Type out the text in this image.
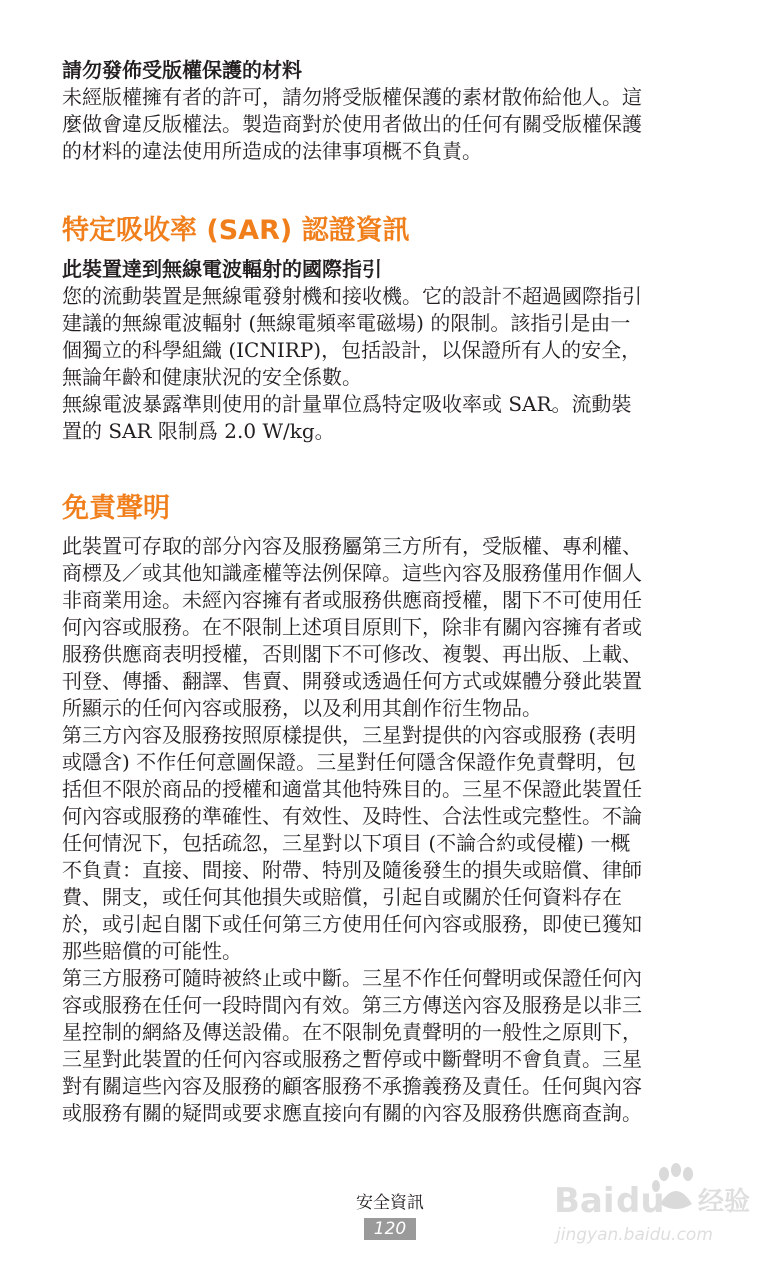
請勿發佈受版權保護的材料

未經版權擁有者的許可，請勿將受版權保護的素材散佈給他人。這
麼做會違反版權法。製造商對於使用者做出的任何有關受版權保護
的材料的違法使用所造成的法律事項概不負責。

特定吸收率 (SAR) 認證資訊
此裝置達到無線電波輻射的國際指引

您的流動裝置是無線電發射機和接收機。它的設計不超過國際指引
建議的無線電波輻射 (無線電頻率電磁場) 的限制。該指引是由一
個獨立的科學組織 (ICNIRP)，包括設計，以保證所有人的安全，
無論年齡和健康狀況的安全係數。

無線電波暴露準則使用的計量單位爲特定吸收率或 SAR。流動裝
置的 SAR 限制爲 2.0 W/kg。

免責聲明

此裝置可存取的部分內容及服務屬第三方所有，受版權、專利權、
商標及／或其他知識產權等法例保障。這些內容及服務僅用作個人
非商業用途。未經內容擁有者或服務供應商授權，閣下不可使用任
何內容或服務。在不限制上述項目原則下，除非有關內容擁有者或
服務供應商表明授權，否則閣下不可修改、複製、再出版、上載、
刊登、傳播、翻譯、售賣、開發或透過任何方式或媒體分發此裝置
所顯示的任何內容或服務，以及利用其創作衍生物品。

第三方內容及服務按照原樣提供，三星對提供的內容或服務 (表明
或隱含) 不作任何意圖保證。三星對任何隱含保證作免責聲明，包
括但不限於商品的授權和適當其他特殊目的。三星不保證此裝置任
何內容或服務的準確性、有效性、及時性、合法性或完整性。不論
任何情況下，包括疏忽，三星對以下項目 (不論合約或侵權) 一概
不負責：直接、間接、附帶、特別及隨後發生的損失或賠償、律師
費、開支，或任何其他損失或賠償，引起自或關於任何資料存在
於，或引起自閣下或任何第三方使用任何內容或服務，即使已獲知
那些賠償的可能性。

第三方服務可隨時被終止或中斷。三星不作任何聲明或保證任何內
容或服務在任何一段時間內有效。第三方傳送內容及服務是以非三
星控制的網絡及傳送設備。在不限制免責聲明的一般性之原則下，
三星對此裝置的任何內容或服務之暫停或中斷聲明不會負責。三星
對有關這些內容及服務的顧客服務不承擔義務及責任。任何與內容
或服務有關的疑問或要求應直接向有關的內容及服務供應商查詢。

安全資訊
120
Bai du 经验
jingyan.baidu.com
